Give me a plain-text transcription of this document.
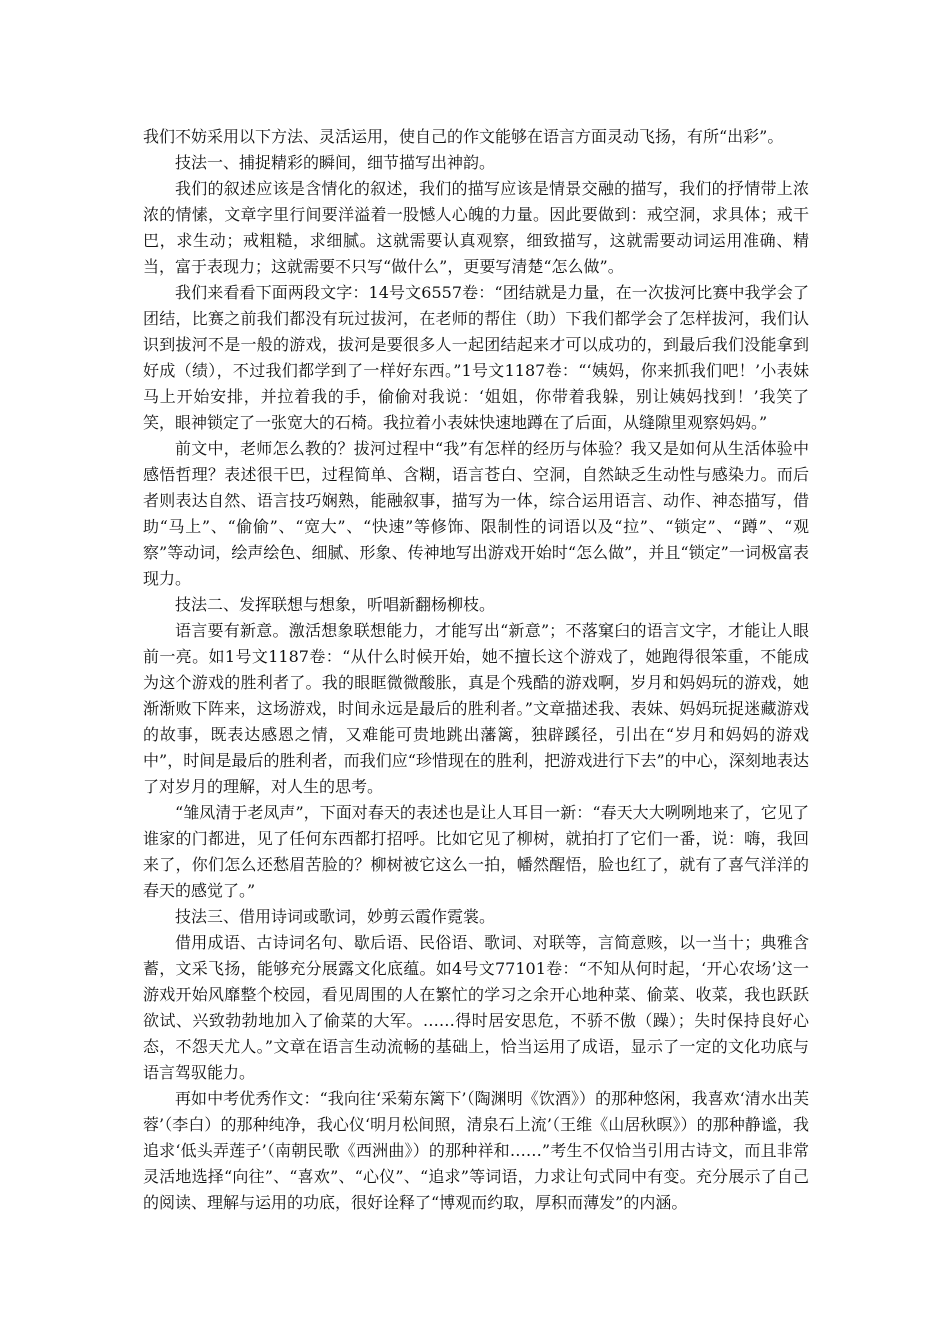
我们不妨采用以下方法、灵活运用，使自己的作文能够在语言方面灵动飞扬，有所“出彩”。

技法一、捕捉精彩的瞬间，细节描写出神韵。

我们的叙述应该是含情化的叙述，我们的描写应该是情景交融的描写，我们的抒情带上浓浓的情愫，文章字里行间要洋溢着一股憾人心魄的力量。因此要做到：戒空洞，求具体；戒干巴，求生动；戒粗糙，求细腻。这就需要认真观察，细致描写，这就需要动词运用准确、精当，富于表现力；这就需要不只写“做什么”，更要写清楚“怎么做”。

我们来看看下面两段文字：14号文6557卷：“团结就是力量，在一次拔河比赛中我学会了团结，比赛之前我们都没有玩过拔河，在老师的帮住（助）下我们都学会了怎样拔河，我们认识到拔河不是一般的游戏，拔河是要很多人一起团结起来才可以成功的，到最后我们没能拿到好成（绩），不过我们都学到了一样好东西。”1号文1187卷：“‘姨妈，你来抓我们吧！’小表妹马上开始安排，并拉着我的手，偷偷对我说：‘姐姐，你带着我躲，别让姨妈找到！’我笑了笑，眼神锁定了一张宽大的石椅。我拉着小表妹快速地蹲在了后面，从缝隙里观察妈妈。”

前文中，老师怎么教的？拔河过程中“我”有怎样的经历与体验？我又是如何从生活体验中感悟哲理？表述很干巴，过程简单、含糊，语言苍白、空洞，自然缺乏生动性与感染力。而后者则表达自然、语言技巧娴熟，能融叙事，描写为一体，综合运用语言、动作、神态描写，借助“马上”、“偷偷”、“宽大”、“快速”等修饰、限制性的词语以及“拉”、“锁定”、“蹲”、“观察”等动词，绘声绘色、细腻、形象、传神地写出游戏开始时“怎么做”，并且“锁定”一词极富表现力。

技法二、发挥联想与想象，听唱新翻杨柳枝。

语言要有新意。激活想象联想能力，才能写出“新意”；不落窠臼的语言文字，才能让人眼前一亮。如1号文1187卷：“从什么时候开始，她不擅长这个游戏了，她跑得很笨重，不能成为这个游戏的胜利者了。我的眼眶微微酸胀，真是个残酷的游戏啊，岁月和妈妈玩的游戏，她渐渐败下阵来，这场游戏，时间永远是最后的胜利者。”文章描述我、表妹、妈妈玩捉迷藏游戏的故事，既表达感恩之情，又难能可贵地跳出藩篱，独辟蹊径，引出在“岁月和妈妈的游戏中”，时间是最后的胜利者，而我们应“珍惜现在的胜利，把游戏进行下去”的中心，深刻地表达了对岁月的理解，对人生的思考。

“雏凤清于老凤声”，下面对春天的表述也是让人耳目一新：“春天大大咧咧地来了，它见了谁家的门都进，见了任何东西都打招呼。比如它见了柳树，就拍打了它们一番，说：嗨，我回来了，你们怎么还愁眉苦脸的？柳树被它这么一拍，幡然醒悟，脸也红了，就有了喜气洋洋的春天的感觉了。”

技法三、借用诗词或歌词，妙剪云霞作霓裳。

借用成语、古诗词名句、歇后语、民俗语、歌词、对联等，言简意赅，以一当十；典雅含蓄，文采飞扬，能够充分展露文化底蕴。如4号文77101卷：“不知从何时起，‘开心农场’这一游戏开始风靡整个校园，看见周围的人在繁忙的学习之余开心地种菜、偷菜、收菜，我也跃跃欲试、兴致勃勃地加入了偷菜的大军。……得时居安思危，不骄不傲（躁）；失时保持良好心态，不怨天尤人。”文章在语言生动流畅的基础上，恰当运用了成语，显示了一定的文化功底与语言驾驭能力。

再如中考优秀作文：“我向往‘采菊东篱下’（陶渊明《饮酒》）的那种悠闲，我喜欢‘清水出芙蓉’（李白）的那种纯净，我心仪‘明月松间照，清泉石上流’（王维《山居秋暝》）的那种静谧，我追求‘低头弄莲子’（南朝民歌《西洲曲》）的那种祥和……”考生不仅恰当引用古诗文，而且非常灵活地选择“向往”、“喜欢”、“心仪”、“追求”等词语，力求让句式同中有变。充分展示了自己的阅读、理解与运用的功底，很好诠释了“博观而约取，厚积而薄发”的内涵。
